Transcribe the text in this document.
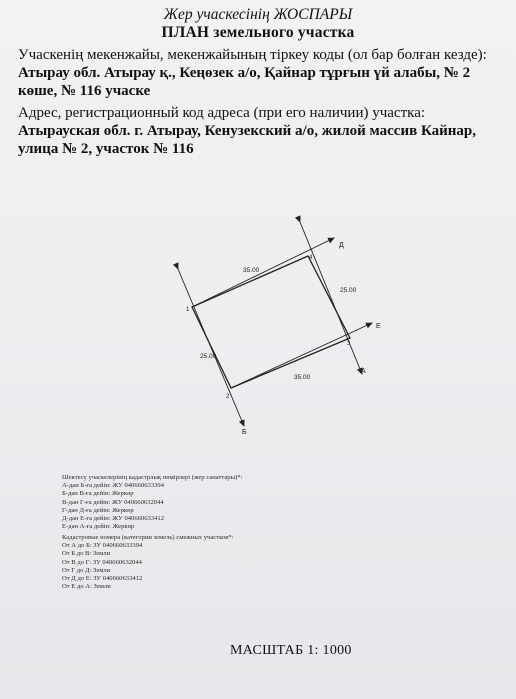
Жер учаскесінің ЖОСПАРЫ
ПЛАН земельного участка
Учаскенің мекенжайы, мекенжайының тіркеу коды (ол бар болған кезде):
Атырау обл. Атырау қ., Кеңөзек а/о, Қайнар тұрғын үй алабы, № 2 көше, № 116 учаске
Адрес, регистрационный код адреса (при его наличии) участка: Атырауская обл. г. Атырау, Кенузекский а/о, жилой массив Кайнар, улица № 2, участок № 116
35.00
25.00
35.00
25.00
1
2
3
4
А
Б
Д
Е
Шектесу учаскелерінің кадастрлық нөмірлері (жер санаттары)*:
А-дан Б-ға дейін: ЖУ 040660633394
Б-дан В-ға дейін: Жеркөр
В-дан Г-ға дейін: ЖУ 040660632044
Г-дан Д-ға дейін: Жеркөр
Д-дан Е-ға дейін: ЖУ 040660633412
Е-дан А-ға дейін: Жеркөр
Кадастровые номера (категории земель) смежных участков*:
От А до Б: ЗУ 040660633394
От Б до В: Земли
От В до Г: ЗУ 040660632044
От Г до Д: Земли
От Д до Е: ЗУ 040660633412
От Е до А: Земли
МАСШТАБ 1: 1000
